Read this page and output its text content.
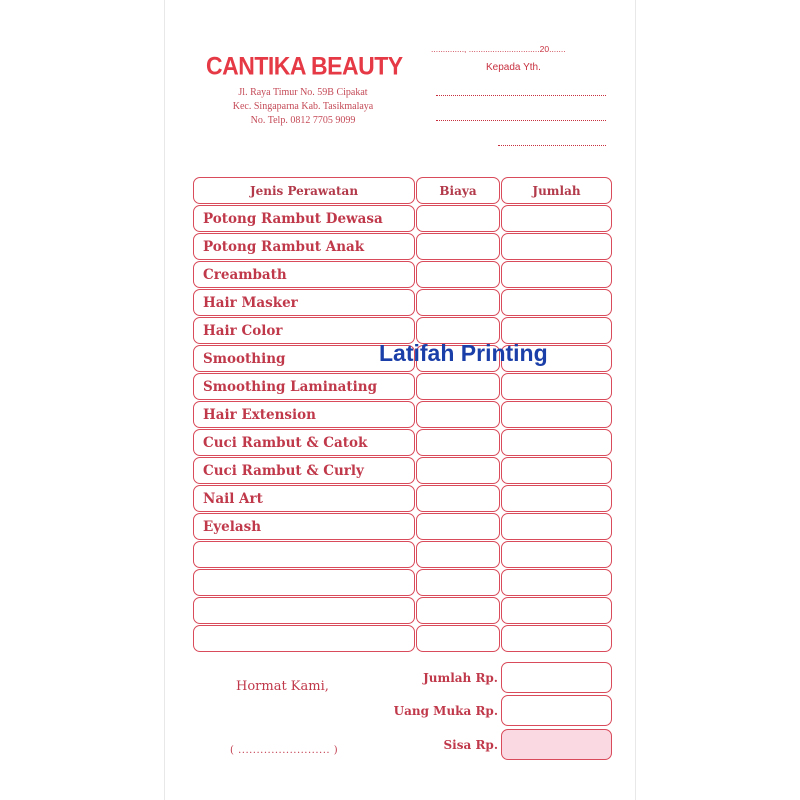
CANTIKA BEAUTY
Jl. Raya Timur No. 59B Cipakat
Kec. Singaparna Kab. Tasikmalaya
No. Telp. 0812 7705 9099
.............., ..............................20.......
Kepada Yth.
Jenis Perawatan	Biaya	Jumlah
Potong Rambut Dewasa
Potong Rambut Anak
Creambath
Hair Masker
Hair Color
Smoothing
Smoothing Laminating
Hair Extension
Cuci Rambut & Catok
Cuci Rambut & Curly
Nail Art
Eyelash
Hormat Kami,
( ......................... )
Jumlah Rp.
Uang Muka Rp.
Sisa Rp.
Latifah Printing
